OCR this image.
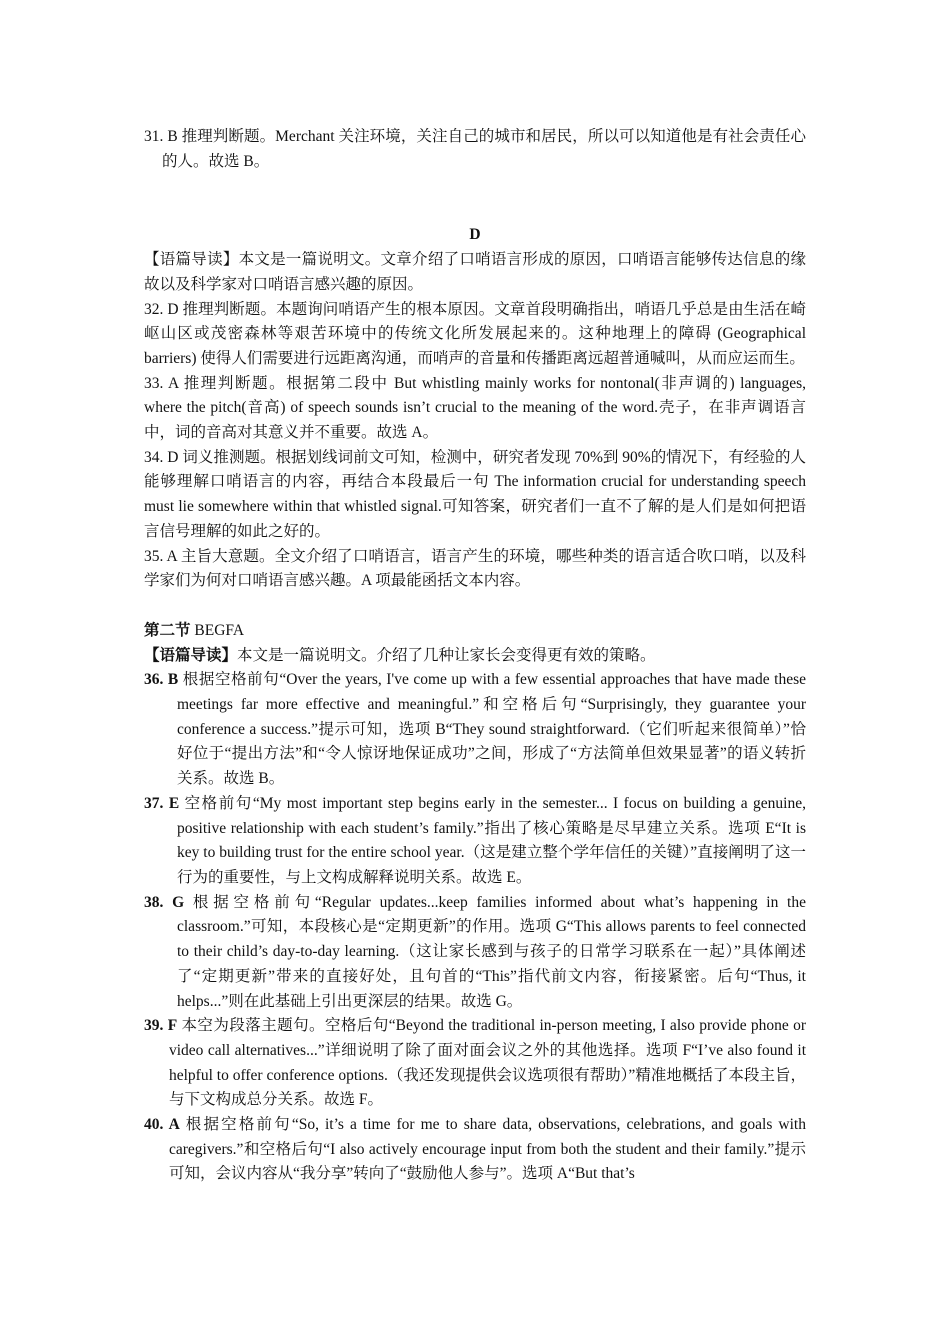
31. B 推理判断题。Merchant 关注环境，关注自己的城市和居民，所以可以知道他是有社会责任心的人。故选 B。

D

【语篇导读】本文是一篇说明文。文章介绍了口哨语言形成的原因，口哨语言能够传达信息的缘故以及科学家对口哨语言感兴趣的原因。

32. D 推理判断题。本题询问哨语产生的根本原因。文章首段明确指出，哨语几乎总是由生活在崎岖山区或茂密森林等艰苦环境中的传统文化所发展起来的。这种地理上的障碍 (Geographical barriers) 使得人们需要进行远距离沟通，而哨声的音量和传播距离远超普通喊叫，从而应运而生。

33. A 推理判断题。根据第二段中 But whistling mainly works for nontonal(非声调的) languages, where the pitch(音高) of speech sounds isn’t crucial to the meaning of the word.壳子，在非声调语言中，词的音高对其意义并不重要。故选 A。

34. D 词义推测题。根据划线词前文可知，检测中，研究者发现 70%到 90%的情况下，有经验的人能够理解口哨语言的内容，再结合本段最后一句 The information crucial for understanding speech must lie somewhere within that whistled signal.可知答案，研究者们一直不了解的是人们是如何把语言信号理解的如此之好的。

35. A 主旨大意题。全文介绍了口哨语言，语言产生的环境，哪些种类的语言适合吹口哨，以及科学家们为何对口哨语言感兴趣。A 项最能函括文本内容。

第二节 BEGFA

【语篇导读】本文是一篇说明文。介绍了几种让家长会变得更有效的策略。

36. B 根据空格前句“Over the years, I've come up with a few essential approaches that have made these meetings far more effective and meaningful.”和空格后句“Surprisingly, they guarantee your conference a success.”提示可知，选项 B“They sound straightforward.（它们听起来很简单）”恰好位于“提出方法”和“令人惊讶地保证成功”之间，形成了“方法简单但效果显著”的语义转折关系。故选 B。

37. E 空格前句“My most important step begins early in the semester... I focus on building a genuine, positive relationship with each student’s family.”指出了核心策略是尽早建立关系。选项 E“It is key to building trust for the entire school year.（这是建立整个学年信任的关键）”直接阐明了这一行为的重要性，与上文构成解释说明关系。故选 E。

38. G 根据空格前句“Regular updates...keep families informed about what’s happening in the classroom.”可知，本段核心是“定期更新”的作用。选项 G“This allows parents to feel connected to their child’s day-to-day learning.（这让家长感到与孩子的日常学习联系在一起）”具体阐述了“定期更新”带来的直接好处，且句首的“This”指代前文内容，衔接紧密。后句“Thus, it helps...”则在此基础上引出更深层的结果。故选 G。

39. F 本空为段落主题句。空格后句“Beyond the traditional in-person meeting, I also provide phone or video call alternatives...”详细说明了除了面对面会议之外的其他选择。选项 F“I’ve also found it helpful to offer conference options.（我还发现提供会议选项很有帮助）”精准地概括了本段主旨，与下文构成总分关系。故选 F。

40. A 根据空格前句“So, it’s a time for me to share data, observations, celebrations, and goals with caregivers.”和空格后句“I also actively encourage input from both the student and their family.”提示可知，会议内容从“我分享”转向了“鼓励他人参与”。选项 A“But that’s
